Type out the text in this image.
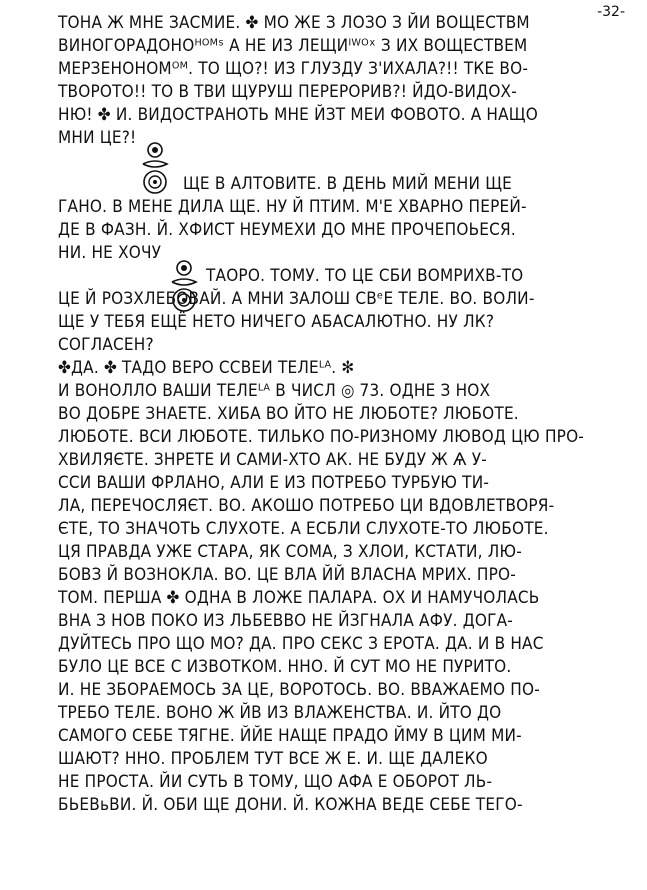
-32-
ТОНА Ж МНЕ ЗАСМИЕ. ✤ МО ЖЕ З ЛОЗО З ЙИ ВОЩЕСТВМ
ВИНОГОРАДОНОᴴᴼᴹˢ А НЕ ИЗ ЛЕЩИᴵᵂᴼˣ З ИХ ВОЩЕСТВЕМ
МЕРЗЕНОНОМᴼᴹ. ТО ЩО?! ИЗ ГЛУЗДУ З'ИХАЛА?!! ТКЕ ВО-
ТВОРОТО!! ТО В ТВИ ЩУРУШ ПЕРЕРОРИВ?! ЙДО-ВИДОХ-
НЮ! ✤ И. ВИДОСТРАНОТЬ МНЕ ЙЗТ МЕИ ФОВОТО. А НАЩО
МНИ ЦЕ?!
ЩЕ В АЛТОВИТЕ. В ДЕНЬ МИЙ МЕНИ ЩЕ
ГАНО. В МЕНЕ ДИЛА ЩЕ. НУ Й ПТИМ. М'Е ХВАРНО ПЕРЕЙ-
ДЕ В ФАЗН. Й. ХФИСТ НЕУМЕХИ ДО МНЕ ПРОЧЕПОЬЕСЯ.
НИ. НЕ ХОЧУ
ТАОРО. ТОМУ. ТО ЦЕ СБИ ВОМРИХВ-ТО
ЦЕ Й РОЗХЛЕБОВАЙ. А МНИ ЗАЛОШ СВᵉЕ ТЕЛЕ. ВО. ВОЛИ-
ЩЕ У ТЕБЯ ЕЩЁ НЕТО НИЧЕГО АБАСАЛЮТНО. НУ ЛК?
СОГЛАСЕН?
✤ДА. ✤ ТАДО ВЕРО ССВЕИ ТЕЛЕᴸᴬ. ✻
И ВОНОЛЛО ВАШИ ТЕЛЕᴸᴬ В ЧИСЛ ◎ 73. ОДНЕ З НОХ
ВО ДОБРЕ ЗНАЕТЕ. ХИБА ВО ЙТО НЕ ЛЮБОТЕ? ЛЮБОТЕ.
ЛЮБОТЕ. ВСИ ЛЮБОТЕ. ТИЛЬКО ПО-РИЗНОМУ ЛЮВОД ЦЮ ПРО-
ХВИЛЯЄТЕ. ЗНРЕТЕ И САМИ-ХТО АК. НЕ БУДУ Ж Ѧ У-
ССИ ВАШИ ФРЛАНО, АЛИ Е ИЗ ПОТРЕБО ТУРБУЮ ТИ-
ЛА, ПЕРЕЧОСЛЯЄТ. ВО. АКОШО ПОТРЕБО ЦИ ВДОВЛЕТВОРЯ-
ЄТЕ, ТО ЗНАЧОТЬ СЛУХОТЕ. А ЕСБЛИ СЛУХОТЕ-ТО ЛЮБОТЕ.
ЦЯ ПРАВДА УЖЕ СТАРА, ЯК СОМА, З ХЛОИ, КСТАТИ, ЛЮ-
БОВЗ Й ВОЗНОКЛА. ВО. ЦЕ ВЛА ЙЙ ВЛАСНА МРИХ. ПРО-
ТОМ. ПЕРША ✤ ОДНА В ЛОЖЕ ПАЛАРА. ОХ И НАМУЧОЛАСЬ
ВНА З НОВ ПОКО ИЗ ЛЬБЕВВО НЕ ЙЗГНАЛА АФУ. ДОГА-
ДУЙТЕСЬ ПРО ЩО МО? ДА. ПРО СЕКС З ЕРОТА. ДА. И В НАС
БУЛО ЦЕ ВСЕ С ИЗВОТКОМ. ННО. Й СУТ МО НЕ ПУРИТО.
И. НЕ ЗБОРАЕМОСЬ ЗА ЦЕ, ВОРОТОСЬ. ВО. ВВАЖАЕМО ПО-
ТРЕБО ТЕЛЕ. ВОНО Ж ЙВ ИЗ ВЛАЖЕНСТВА. И. ЙТО ДО
САМОГО СЕБЕ ТЯГНЕ. ЙЙЕ НАЩЕ ПРАДО ЙМУ В ЦИМ МИ-
ШАЮТ? ННО. ПРОБЛЕМ ТУТ ВСЕ Ж Е. И. ЩЕ ДАЛЕКО
НЕ ПРОСТА. ЙИ СУТЬ В ТОМУ, ЩО АФА Е ОБОРОТ ЛЬ-
БЬЕВьВИ. Й. ОБИ ЩЕ ДОНИ. Й. КОЖНА ВЕДЕ СЕБЕ ТЕГО-
